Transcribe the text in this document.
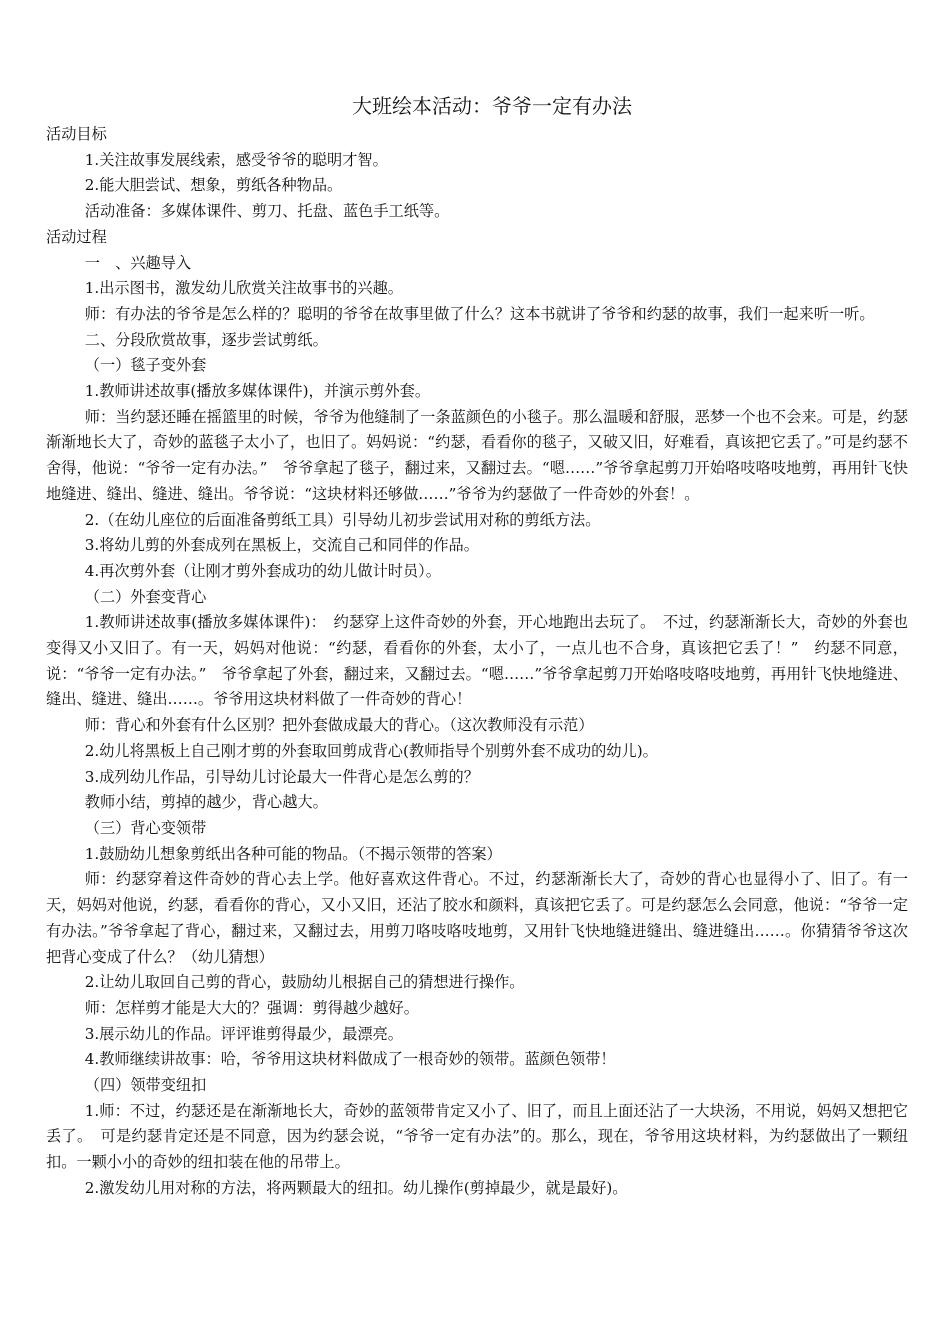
大班绘本活动：爷爷一定有办法

活动目标

1.关注故事发展线索，感受爷爷的聪明才智。

2.能大胆尝试、想象，剪纸各种物品。

活动准备：多媒体课件、剪刀、托盘、蓝色手工纸等。

活动过程

一　、兴趣导入

1.出示图书，激发幼儿欣赏关注故事书的兴趣。

师：有办法的爷爷是怎么样的？聪明的爷爷在故事里做了什么？这本书就讲了爷爷和约瑟的故事，我们一起来听一听。

二、分段欣赏故事，逐步尝试剪纸。

（一）毯子变外套

1.教师讲述故事(播放多媒体课件)，并演示剪外套。

师：当约瑟还睡在摇篮里的时候，爷爷为他缝制了一条蓝颜色的小毯子。那么温暖和舒服，恶梦一个也不会来。可是，约瑟渐渐地长大了，奇妙的蓝毯子太小了，也旧了。妈妈说：“约瑟，看看你的毯子，又破又旧，好难看，真该把它丢了。”可是约瑟不舍得，他说：“爷爷一定有办法。”　爷爷拿起了毯子，翻过来，又翻过去。“嗯……”爷爷拿起剪刀开始咯吱咯吱地剪，再用针飞快地缝进、缝出、缝进、缝出。爷爷说：“这块材料还够做……”爷爷为约瑟做了一件奇妙的外套！。

2.（在幼儿座位的后面准备剪纸工具）引导幼儿初步尝试用对称的剪纸方法。

3.将幼儿剪的外套成列在黑板上，交流自己和同伴的作品。

4.再次剪外套（让刚才剪外套成功的幼儿做计时员）。

（二）外套变背心

1.教师讲述故事(播放多媒体课件)：　约瑟穿上这件奇妙的外套，开心地跑出去玩了。　不过，约瑟渐渐长大，奇妙的外套也变得又小又旧了。有一天，妈妈对他说：“约瑟，看看你的外套，太小了，一点儿也不合身，真该把它丢了！”　约瑟不同意，说：“爷爷一定有办法。”　爷爷拿起了外套，翻过来，又翻过去。“嗯……”爷爷拿起剪刀开始咯吱咯吱地剪，再用针飞快地缝进、缝出、缝进、缝出……。爷爷用这块材料做了一件奇妙的背心！

师：背心和外套有什么区别？把外套做成最大的背心。（这次教师没有示范）

2.幼儿将黑板上自己刚才剪的外套取回剪成背心(教师指导个别剪外套不成功的幼儿)。

3.成列幼儿作品，引导幼儿讨论最大一件背心是怎么剪的？

教师小结，剪掉的越少，背心越大。

（三）背心变领带

1.鼓励幼儿想象剪纸出各种可能的物品。（不揭示领带的答案）

师：约瑟穿着这件奇妙的背心去上学。他好喜欢这件背心。不过，约瑟渐渐长大了，奇妙的背心也显得小了、旧了。有一天，妈妈对他说，约瑟，看看你的背心，又小又旧，还沾了胶水和颜料，真该把它丢了。可是约瑟怎么会同意，他说：“爷爷一定有办法。”爷爷拿起了背心，翻过来，又翻过去，用剪刀咯吱咯吱地剪，又用针飞快地缝进缝出、缝进缝出……。你猜猜爷爷这次把背心变成了什么？（幼儿猜想）

2.让幼儿取回自己剪的背心，鼓励幼儿根据自己的猜想进行操作。

师：怎样剪才能是大大的？强调：剪得越少越好。

3.展示幼儿的作品。评评谁剪得最少，最漂亮。

4.教师继续讲故事：哈，爷爷用这块材料做成了一根奇妙的领带。蓝颜色领带！

（四）领带变纽扣

1.师：不过，约瑟还是在渐渐地长大，奇妙的蓝领带肯定又小了、旧了，而且上面还沾了一大块汤，不用说，妈妈又想把它丢了。　可是约瑟肯定还是不同意，因为约瑟会说，“爷爷一定有办法”的。那么，现在，爷爷用这块材料，为约瑟做出了一颗纽扣。一颗小小的奇妙的纽扣装在他的吊带上。

2.激发幼儿用对称的方法，将两颗最大的纽扣。幼儿操作(剪掉最少，就是最好)。
